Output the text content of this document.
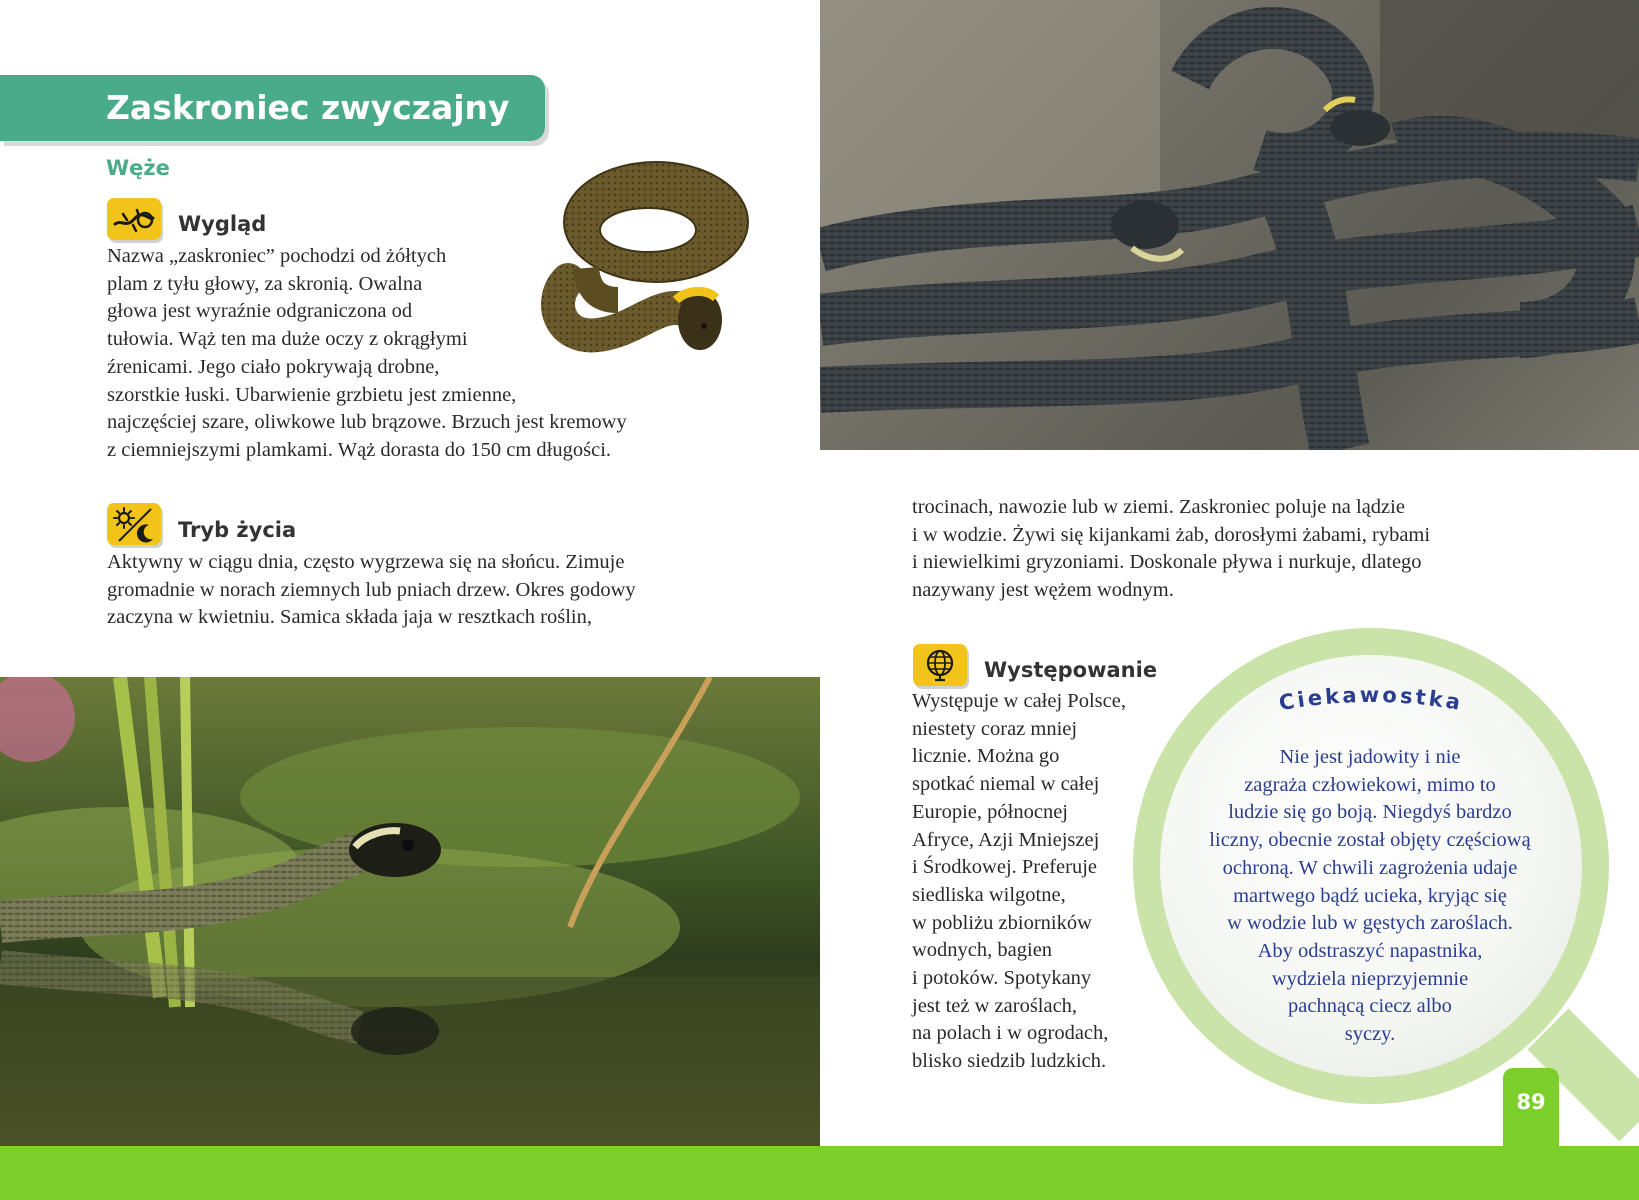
Zaskroniec zwyczajny
Węże
Wygląd
Nazwa „zaskroniec” pochodzi od żółtych
plam z tyłu głowy, za skronią. Owalna
głowa jest wyraźnie odgraniczona od
tułowia. Wąż ten ma duże oczy z okrągłymi
źrenicami. Jego ciało pokrywają drobne,
szorstkie łuski. Ubarwienie grzbietu jest zmienne,
najczęściej szare, oliwkowe lub brązowe. Brzuch jest kremowy
z ciemniejszymi plamkami. Wąż dorasta do 150 cm długości.
Tryb życia
Aktywny w ciągu dnia, często wygrzewa się na słońcu. Zimuje
gromadnie w norach ziemnych lub pniach drzew. Okres godowy
zaczyna w kwietniu. Samica składa jaja w resztkach roślin,
trocinach, nawozie lub w ziemi. Zaskroniec poluje na lądzie
i w wodzie. Żywi się kijankami żab, dorosłymi żabami, rybami
i niewielkimi gryzoniami. Doskonale pływa i nurkuje, dlatego
nazywany jest wężem wodnym.
Występowanie
Występuje w całej Polsce,
niestety coraz mniej
licznie. Można go
spotkać niemal w całej
Europie, północnej
Afryce, Azji Mniejszej
i Środkowej. Preferuje
siedliska wilgotne,
w pobliżu zbiorników
wodnych, bagien
i potoków. Spotykany
jest też w zaroślach,
na polach i w ogrodach,
blisko siedzib ludzkich.
Ciekawostka
Nie jest jadowity i nie
zagraża człowiekowi, mimo to
ludzie się go boją. Niegdyś bardzo
liczny, obecnie został objęty częściową
ochroną. W chwili zagrożenia udaje
martwego bądź ucieka, kryjąc się
w wodzie lub w gęstych zaroślach.
Aby odstraszyć napastnika,
wydziela nieprzyjemnie
pachnącą ciecz albo
syczy.
89
